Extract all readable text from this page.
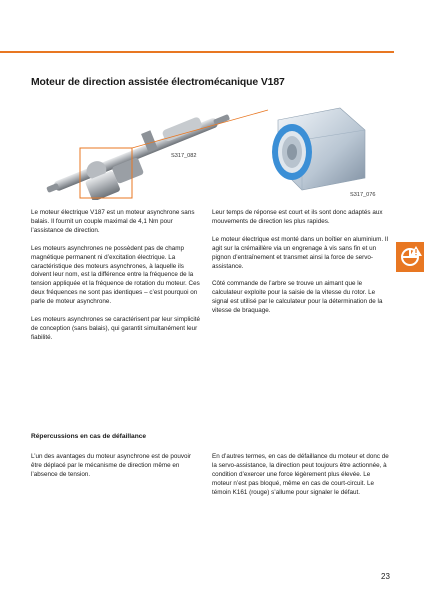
Moteur de direction assistée électromécanique V187
S317_082
S317_076

Le moteur électrique V187 est un moteur asynchrone sans balais. Il fournit un couple maximal de 4,1 Nm pour l’assistance de direction.

Les moteurs asynchrones ne possèdent pas de champ magnétique permanent ni d’excitation électrique. La caractéristique des moteurs asynchrones, à laquelle ils doivent leur nom, est la différence entre la fréquence de la tension appliquée et la fréquence de rotation du moteur. Ces deux fréquences ne sont pas identiques – c’est pourquoi on parle de moteur asynchrone.

Les moteurs asynchrones se caractérisent par leur simplicité de conception (sans balais), qui garantit simultanément leur fiabilité.

Leur temps de réponse est court et ils sont donc adaptés aux mouvements de direction les plus rapides.

Le moteur électrique est monté dans un boîtier en aluminium. Il agit sur la crémaillère via un engrenage à vis sans fin et un pignon d’entraînement et transmet ainsi la force de servo-assistance.

Côté commande de l’arbre se trouve un aimant que le calculateur exploite pour la saisie de la vitesse du rotor. Le signal est utilisé par le calculateur pour la détermination de la vitesse de braquage.

Répercussions en cas de défaillance

L’un des avantages du moteur asynchrone est de pouvoir être déplacé par le mécanisme de direction même en l’absence de tension.

En d’autres termes, en cas de défaillance du moteur et donc de la servo-assistance, la direction peut toujours être actionnée, à condition d’exercer une force légèrement plus élevée. Le moteur n’est pas bloqué, même en cas de court-circuit. Le témoin K161 (rouge) s’allume pour signaler le défaut.

23
